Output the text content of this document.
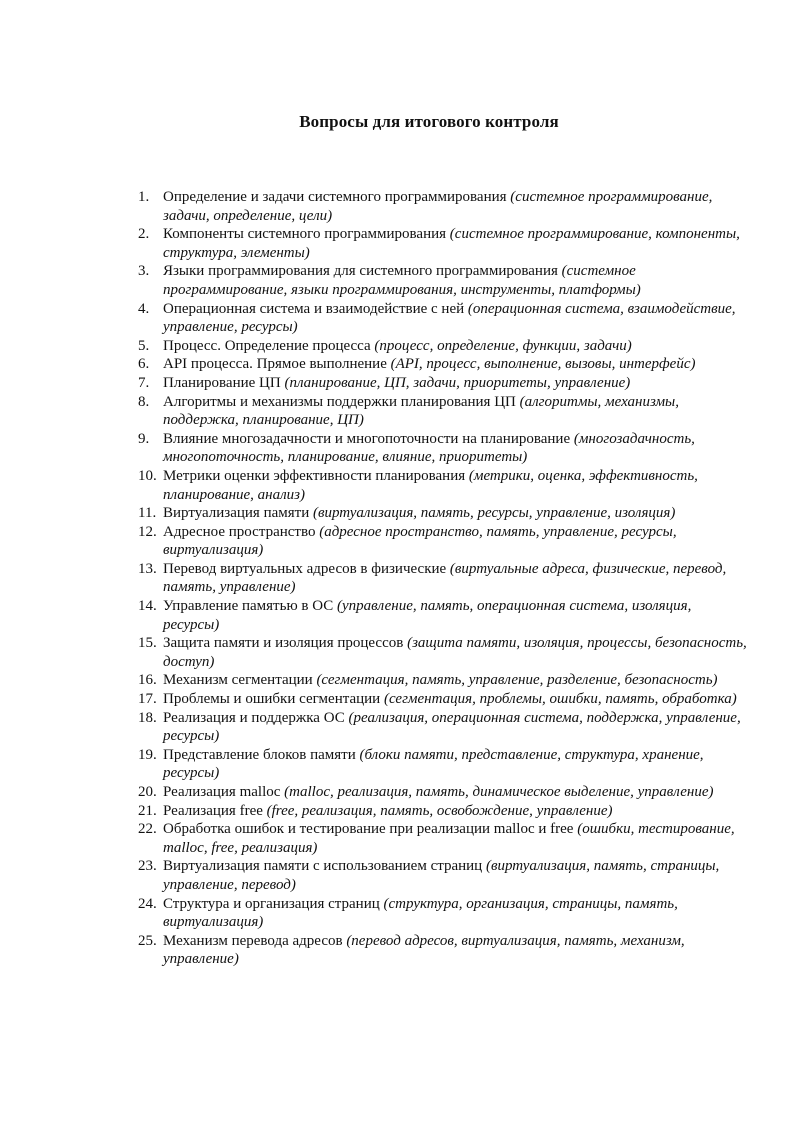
Вопросы для итогового контроля
1. Определение и задачи системного программирования (системное программирование, задачи, определение, цели)
2. Компоненты системного программирования (системное программирование, компоненты, структура, элементы)
3. Языки программирования для системного программирования (системное программирование, языки программирования, инструменты, платформы)
4. Операционная система и взаимодействие с ней (операционная система, взаимодействие, управление, ресурсы)
5. Процесс. Определение процесса (процесс, определение, функции, задачи)
6. API процесса. Прямое выполнение (API, процесс, выполнение, вызовы, интерфейс)
7. Планирование ЦП (планирование, ЦП, задачи, приоритеты, управление)
8. Алгоритмы и механизмы поддержки планирования ЦП (алгоритмы, механизмы, поддержка, планирование, ЦП)
9. Влияние многозадачности и многопоточности на планирование (многозадачность, многопоточность, планирование, влияние, приоритеты)
10. Метрики оценки эффективности планирования (метрики, оценка, эффективность, планирование, анализ)
11. Виртуализация памяти (виртуализация, память, ресурсы, управление, изоляция)
12. Адресное пространство (адресное пространство, память, управление, ресурсы, виртуализация)
13. Перевод виртуальных адресов в физические (виртуальные адреса, физические, перевод, память, управление)
14. Управление памятью в ОС (управление, память, операционная система, изоляция, ресурсы)
15. Защита памяти и изоляция процессов (защита памяти, изоляция, процессы, безопасность, доступ)
16. Механизм сегментации (сегментация, память, управление, разделение, безопасность)
17. Проблемы и ошибки сегментации (сегментация, проблемы, ошибки, память, обработка)
18. Реализация и поддержка ОС (реализация, операционная система, поддержка, управление, ресурсы)
19. Представление блоков памяти (блоки памяти, представление, структура, хранение, ресурсы)
20. Реализация malloc (malloc, реализация, память, динамическое выделение, управление)
21. Реализация free (free, реализация, память, освобождение, управление)
22. Обработка ошибок и тестирование при реализации malloc и free (ошибки, тестирование, malloc, free, реализация)
23. Виртуализация памяти с использованием страниц (виртуализация, память, страницы, управление, перевод)
24. Структура и организация страниц (структура, организация, страницы, память, виртуализация)
25. Механизм перевода адресов (перевод адресов, виртуализация, память, механизм, управление)
